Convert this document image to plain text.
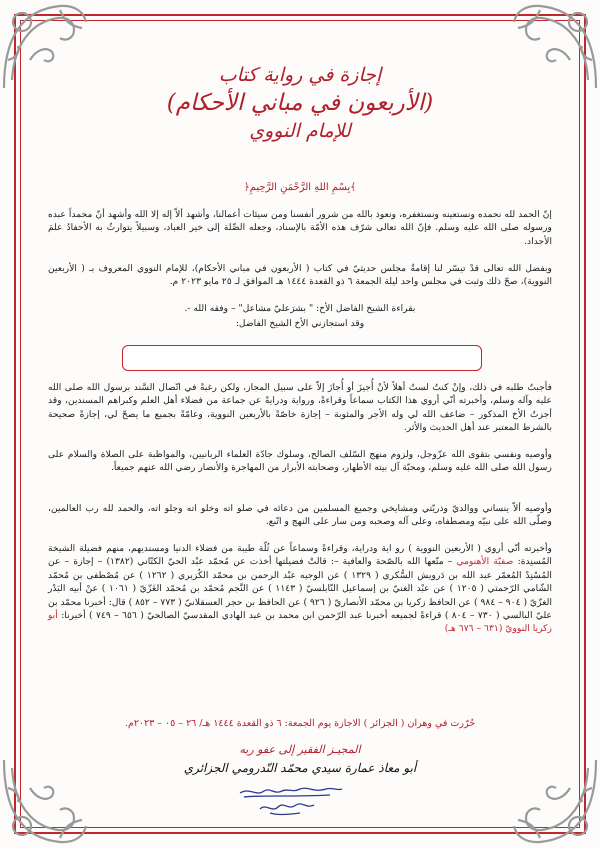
إجازة في رواية كتاب
(الأربعون في مباني الأحكام)
للإمام النووي
﴿بِسْمِ اللهِ الرَّحْمَنِ الرَّحِيمِ﴾
إنّ الحمد لله نحمده ونستعينه ونستغفره، ونعوذ بالله من شرور أنفسنا ومن سيئات أعمالنا، وأشهد ألاّ إله إلا الله وأشهد أنّ محمداً عبده ورسوله صلى الله عليه وسلم. فإنّ الله تعالى شرّف هذه الأمّة بالإسناد، وجعله الصِّلة إلى خير العباد، وسبيلاً يتوارثُ به الأحفادُ علمَ الأجداد.
وبفضل الله تعالى قدْ تيسّر لنا إقامةُ مجلس حديثيّ في كتاب ( الأربعون في مباني الأحكام)، للإمام النووي المعروف بـ ( الأربعين النووية)، صحّ ذلك وثبت في مجلس واحد ليلة الجمعة ٦ ذو القعدة ١٤٤٤ هـ الموافق لـ ٢٥ مايو ٢٠٢٣ م.
بقراءة الشيخ الفاضل الأخ: " بشرَعليّ مشاعل" – وفقه الله -.
وقد استجازني الأخ الشيخ الفاضل:
فأجبتُ طلبه في ذلك، وإنْ كنتُ لستُ أهلاً لأنْ أُجيزَ أو أُجازَ إلاّ على سبيل المجاز، ولكن رغبةً في اتّصال السَّند برسول الله صلى الله عليه وآله وسلم، وأخبرته أنّي أروي هذا الكتاب سماعاً وقراءةً، ورواية ودرايةً عن جماعة من فضلاء أهل العلم وكبراهم المسندين، وقد أجزتُ الأخ المذكور – ضاعف الله لي وله الأجر والمثوبة – إجازة خاصّةً بالأربعين النووية، وعامّةً بجميع ما يصحّ لي، إجازةً صحيحة بالشرط المعتبر عند أهل الحديث والأثر.
وأوصيه ونفسي بتقوى الله عزّوجل، ولزوم منهج السّلف الصالح، وسلوك جادّة العلماء الربانيين، والمواظبة على الصلاة والسلام على رسول الله صلى الله عليه وسلم، ومحبّة آل بيته الأطهار، وصحابته الأبرار من المهاجرة والأنصار رضي الله عنهم جميعاً.
وأوصيه ألاّ ينساني ووالديّ وذريّتي ومشايخي وجميع المسلمين من دعائه في صلو اته وخلو اته وجلو اته، والحمد لله رب العالمين، وصلّى الله على نبيّه ومصطفاه، وعلى آله وصحبه ومن سار على النهج و اتّبع.
وأخبرته أنّي أروي ( الأربعين النووية ) رو اية ودراية، وقراءةً وسماعاً عن ثُلّة طيبة من فضلاء الدنيا ومسنديهم، منهم فضيلة الشيخة المُسنِدة: صفيّة الأهنومي – متّعها الله بالصّحة والعافية –: قالتْ فضيلتها أخذت عن مُحمّد عبْد الحيّ الكتّاني (١٣٨٢) – إجازة – عن المُسْنِدْ المُعمّر عبد الله بن دَرويش السُّكري ( ١٣٢٩ ) عن الوجيه عبْد الرحمن بن محمّد الكُزبري ( ١٢٦٢ ) عن مُصْطفى بن مُحمّد الشّامي الرّحمتي ( ١٢٠٥ ) عن عبْد الغنيّ بن إسماعيل النّابلسيّ ( ١١٤٣ ) عن النَّجم مُحمّد بن مُحمّد الغَزّيّ ( ١٠٦١ ) عنْ أبيه البَدْر الغزّيّ ( ٩٠٤ – ٩٨٤ ) عن الحافظ زكريا بن محمّد الأنصاريّ ( ٩٢٦ ) عن الحافظ بن حجر العسقلانيّ ( ٧٧٣ – ٨٥٢ ) قال: أخبرنا محمّد بن عليّ البالسي ( ٧٣٠ – ٨٠٤ ) قراءةً لجميعه أخبرنا عبد الرّحمن ابن محمد بن عبد الهادي المقدسيّ الصالحيّ ( ٦٥٦ – ٧٤٩ ) أخبرنا: أبو زكريا النوويّ (٦٣١ – ٦٧٦ هـ)
حُرّرت في وهران ( الجزائر ) الاجازة يوم الجمعة: ٦ ذو القعدة ١٤٤٤ هـ/ ٢٦ – ٠٥ – ٢٠٢٣م.
المجيـز الفقير إلى عفو ربه
أبو معاذ عمارة سيدي محمّد النّدرومي الجزائري
